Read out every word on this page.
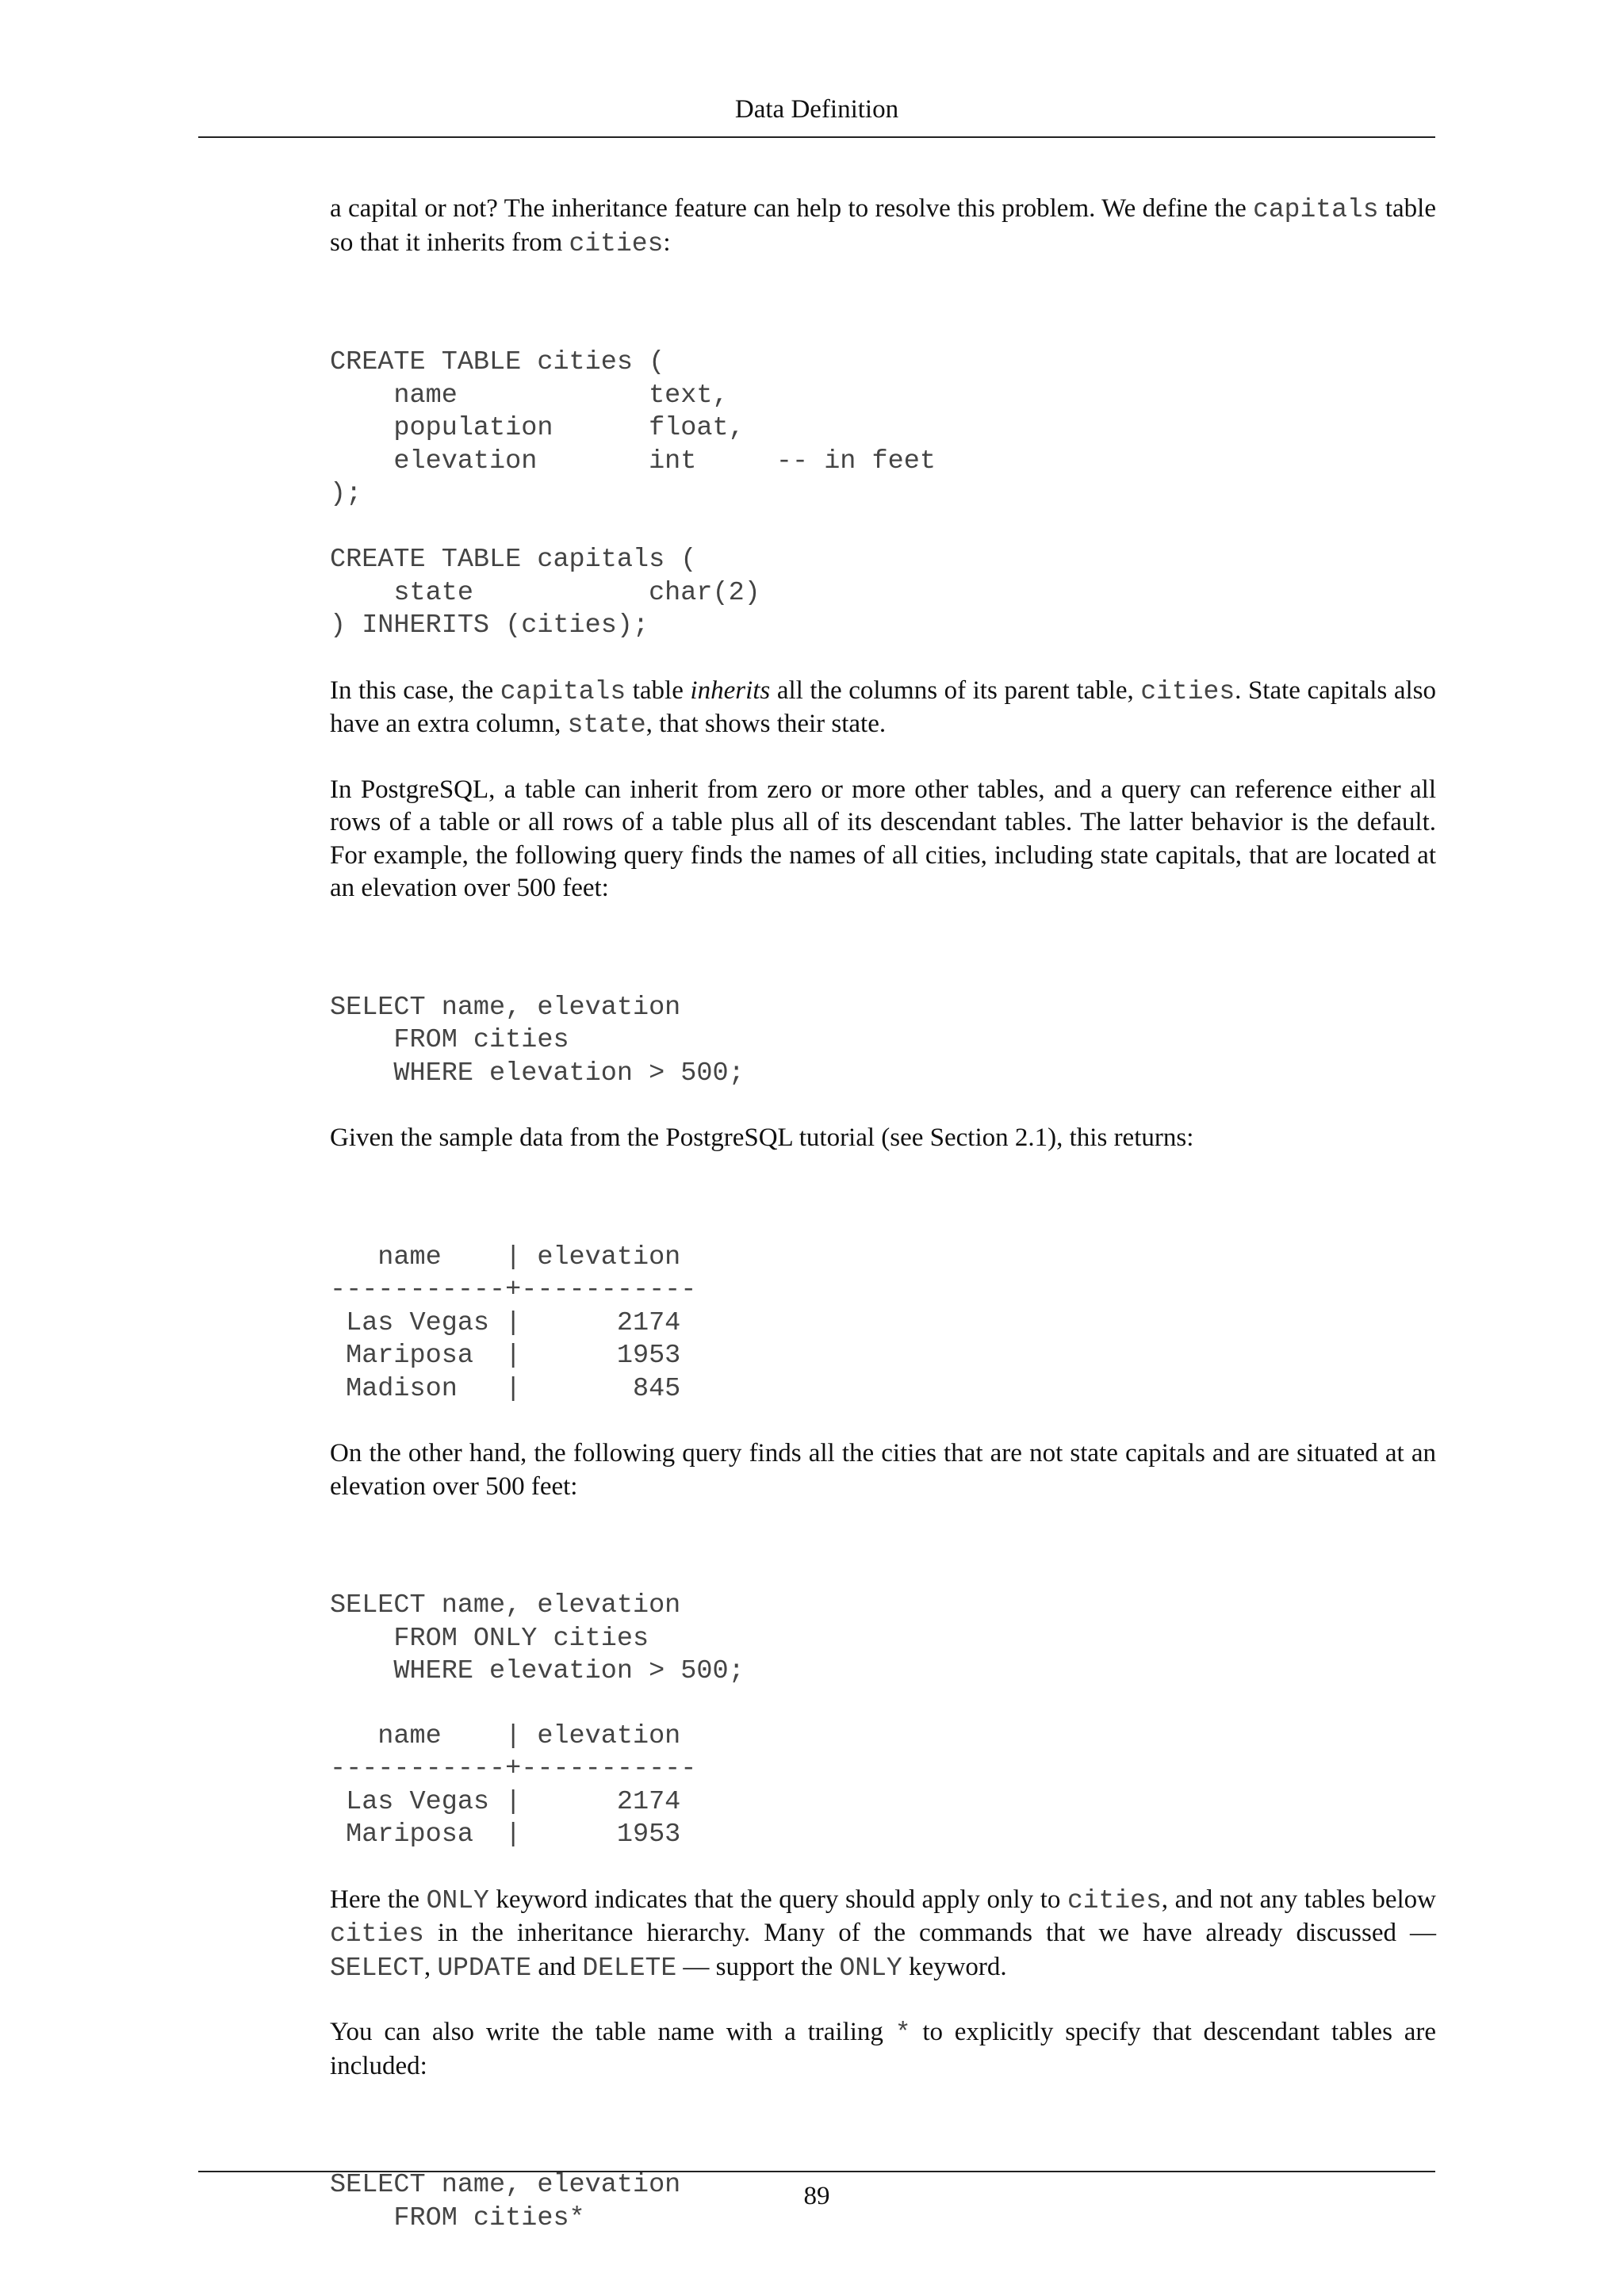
Data Definition

a capital or not? The inheritance feature can help to resolve this problem. We define the capitals table so that it inherits from cities:

CREATE TABLE cities (
name            text,
population      float,
elevation       int     -- in feet
);

CREATE TABLE capitals (
state           char(2)
) INHERITS (cities);

In this case, the capitals table inherits all the columns of its parent table, cities. State capitals also have an extra column, state, that shows their state.

In PostgreSQL, a table can inherit from zero or more other tables, and a query can reference either all rows of a table or all rows of a table plus all of its descendant tables. The latter behavior is the default. For example, the following query finds the names of all cities, including state capitals, that are located at an elevation over 500 feet:

SELECT name, elevation
FROM cities
WHERE elevation > 500;

Given the sample data from the PostgreSQL tutorial (see Section 2.1), this returns:

name    | elevation
-----------+-----------
Las Vegas |      2174
Mariposa  |      1953
Madison   |       845

On the other hand, the following query finds all the cities that are not state capitals and are situated at an elevation over 500 feet:

SELECT name, elevation
FROM ONLY cities
WHERE elevation > 500;
name    | elevation
-----------+-----------
Las Vegas |      2174
Mariposa  |      1953

Here the ONLY keyword indicates that the query should apply only to cities, and not any tables below cities in the inheritance hierarchy. Many of the commands that we have already discussed — SELECT, UPDATE and DELETE — support the ONLY keyword.

You can also write the table name with a trailing * to explicitly specify that descendant tables are included:

SELECT name, elevation
FROM cities*
89
